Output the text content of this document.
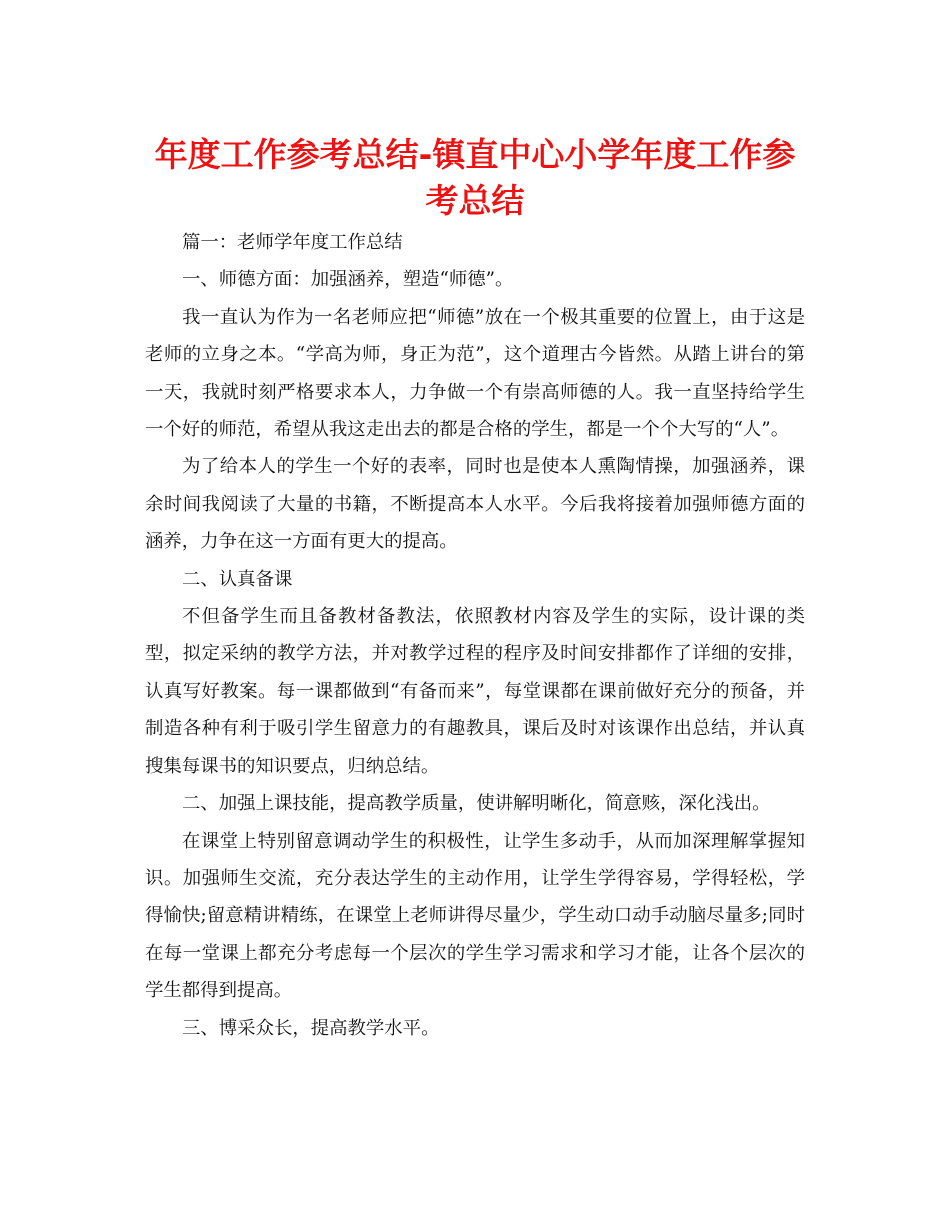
年度工作参考总结-镇直中心小学年度工作参考总结

篇一：老师学年度工作总结

一、师德方面：加强涵养，塑造“师德”。

我一直认为作为一名老师应把“师德”放在一个极其重要的位置上，由于这是老师的立身之本。“学高为师，身正为范”，这个道理古今皆然。从踏上讲台的第一天，我就时刻严格要求本人，力争做一个有崇高师德的人。我一直坚持给学生一个好的师范，希望从我这走出去的都是合格的学生，都是一个个大写的“人”。

为了给本人的学生一个好的表率，同时也是使本人熏陶情操，加强涵养，课余时间我阅读了大量的书籍，不断提高本人水平。今后我将接着加强师德方面的涵养，力争在这一方面有更大的提高。

二、认真备课

不但备学生而且备教材备教法，依照教材内容及学生的实际，设计课的类型，拟定采纳的教学方法，并对教学过程的程序及时间安排都作了详细的安排，认真写好教案。每一课都做到“有备而来”，每堂课都在课前做好充分的预备，并制造各种有利于吸引学生留意力的有趣教具，课后及时对该课作出总结，并认真搜集每课书的知识要点，归纳总结。

二、加强上课技能，提高教学质量，使讲解明晰化，简意赅，深化浅出。

在课堂上特别留意调动学生的积极性，让学生多动手，从而加深理解掌握知识。加强师生交流，充分表达学生的主动作用，让学生学得容易，学得轻松，学得愉快;留意精讲精练，在课堂上老师讲得尽量少，学生动口动手动脑尽量多;同时在每一堂课上都充分考虑每一个层次的学生学习需求和学习才能，让各个层次的学生都得到提高。

三、博采众长，提高教学水平。
